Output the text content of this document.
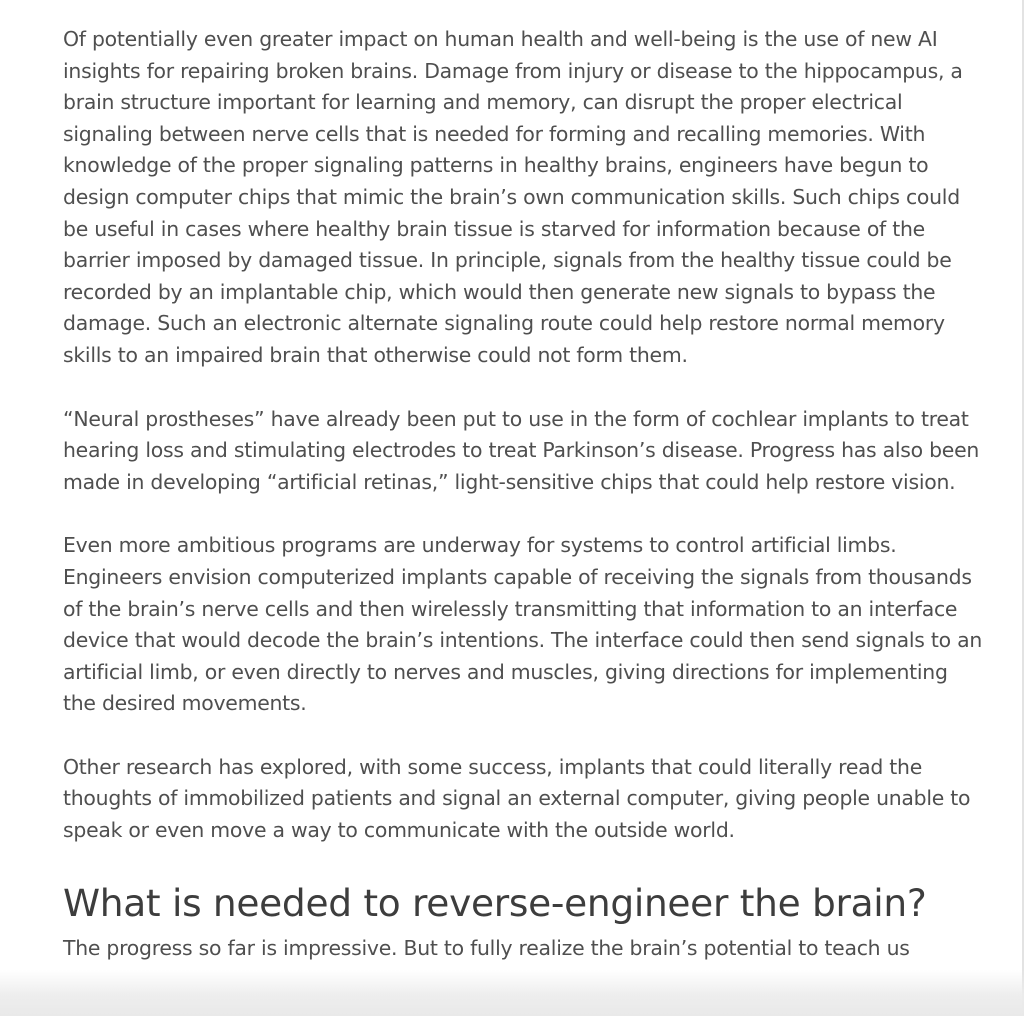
Of potentially even greater impact on human health and well-being is the use of new AI insights for repairing broken brains. Damage from injury or disease to the hippocampus, a brain structure important for learning and memory, can disrupt the proper electrical signaling between nerve cells that is needed for forming and recalling memories. With knowledge of the proper signaling patterns in healthy brains, engineers have begun to design computer chips that mimic the brain’s own communication skills. Such chips could be useful in cases where healthy brain tissue is starved for information because of the barrier imposed by damaged tissue. In principle, signals from the healthy tissue could be recorded by an implantable chip, which would then generate new signals to bypass the damage. Such an electronic alternate signaling route could help restore normal memory skills to an impaired brain that otherwise could not form them.

“Neural prostheses” have already been put to use in the form of cochlear implants to treat hearing loss and stimulating electrodes to treat Parkinson’s disease. Progress has also been made in developing “artificial retinas,” light-sensitive chips that could help restore vision.

Even more ambitious programs are underway for systems to control artificial limbs. Engineers envision computerized implants capable of receiving the signals from thousands of the brain’s nerve cells and then wirelessly transmitting that information to an interface device that would decode the brain’s intentions. The interface could then send signals to an artificial limb, or even directly to nerves and muscles, giving directions for implementing the desired movements.

Other research has explored, with some success, implants that could literally read the thoughts of immobilized patients and signal an external computer, giving people unable to speak or even move a way to communicate with the outside world.

What is needed to reverse-engineer the brain?
The progress so far is impressive. But to fully realize the brain’s potential to teach us
